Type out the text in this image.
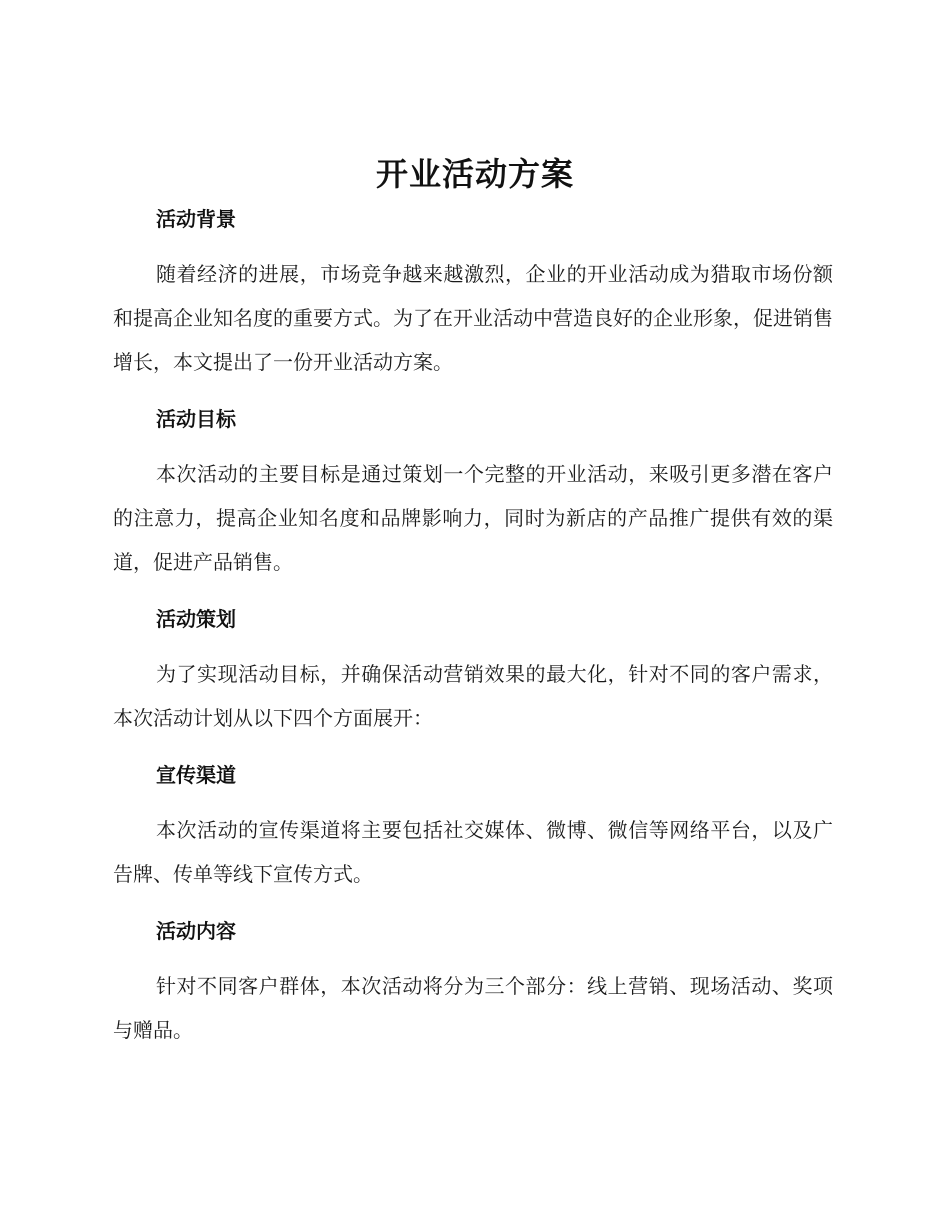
开业活动方案
活动背景

随着经济的进展，市场竞争越来越激烈，企业的开业活动成为猎取市场份额和提高企业知名度的重要方式。为了在开业活动中营造良好的企业形象，促进销售增长，本文提出了一份开业活动方案。

活动目标

本次活动的主要目标是通过策划一个完整的开业活动，来吸引更多潜在客户的注意力，提高企业知名度和品牌影响力，同时为新店的产品推广提供有效的渠道，促进产品销售。

活动策划

为了实现活动目标，并确保活动营销效果的最大化，针对不同的客户需求，本次活动计划从以下四个方面展开：

宣传渠道

本次活动的宣传渠道将主要包括社交媒体、微博、微信等网络平台，以及广告牌、传单等线下宣传方式。

活动内容

针对不同客户群体，本次活动将分为三个部分：线上营销、现场活动、奖项与赠品。
